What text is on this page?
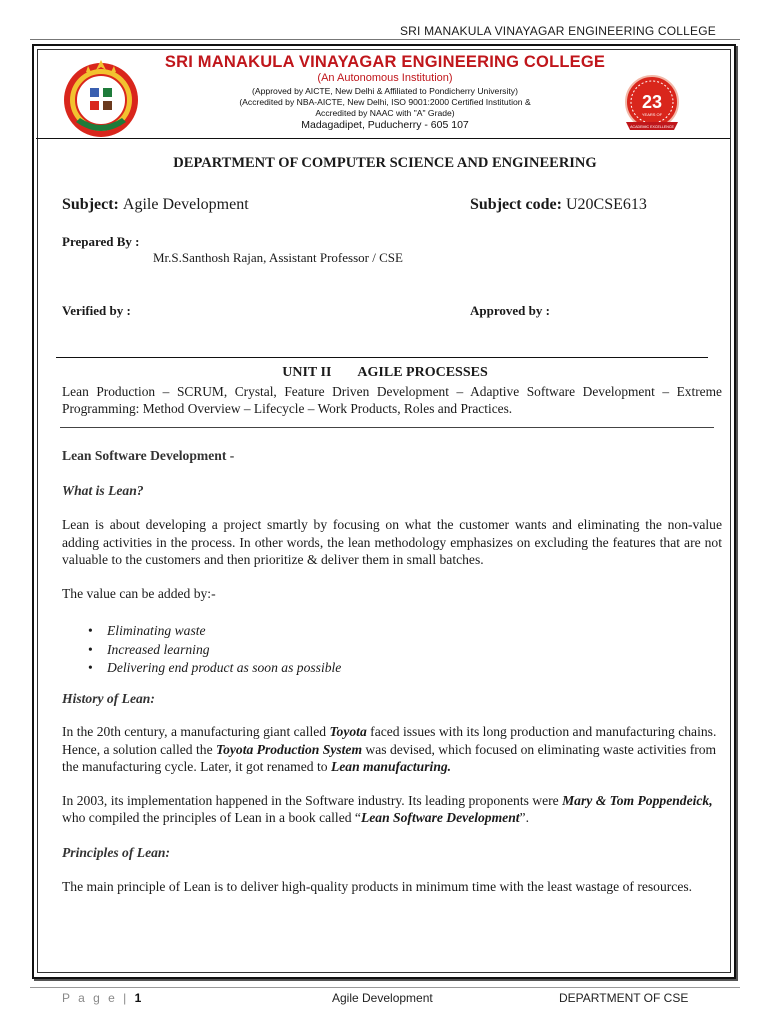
SRI MANAKULA VINAYAGAR ENGINEERING COLLEGE
23
YEARS OF
ACADEMIC EXCELLENCE
SRI MANAKULA VINAYAGAR ENGINEERING COLLEGE
(An Autonomous Institution)
(Approved by AICTE, New Delhi & Affiliated to Pondicherry University)
(Accredited by NBA-AICTE, New Delhi, ISO 9001:2000 Certified Institution &
Accredited by NAAC with "A" Grade)
Madagadipet, Puducherry - 605 107
DEPARTMENT OF COMPUTER SCIENCE AND ENGINEERING
Subject: Agile Development	Subject code: U20CSE613
Prepared By :
Mr.S.Santhosh Rajan, Assistant Professor / CSE
Verified by :	Approved by :
UNIT II AGILE PROCESSES
Lean Production – SCRUM, Crystal, Feature Driven Development – Adaptive Software Development – Extreme Programming: Method Overview – Lifecycle – Work Products, Roles and Practices.

Lean Software Development -

What is Lean?

Lean is about developing a project smartly by focusing on what the customer wants and eliminating the non-value adding activities in the process. In other words, the lean methodology emphasizes on excluding the features that are not valuable to the customers and then prioritize & deliver them in small batches.

The value can be added by:-

• Eliminating waste
• Increased learning
• Delivering end product as soon as possible

History of Lean:

In the 20th century, a manufacturing giant called Toyota faced issues with its long production and manufacturing chains. Hence, a solution called the Toyota Production System was devised, which focused on eliminating waste activities from the manufacturing cycle. Later, it got renamed to Lean manufacturing.

In 2003, its implementation happened in the Software industry. Its leading proponents were Mary & Tom Poppendeick, who compiled the principles of Lean in a book called “Lean Software Development”.

Principles of Lean:

The main principle of Lean is to deliver high-quality products in minimum time with the least wastage of resources.

P a g e | 1	Agile Development	DEPARTMENT OF CSE
